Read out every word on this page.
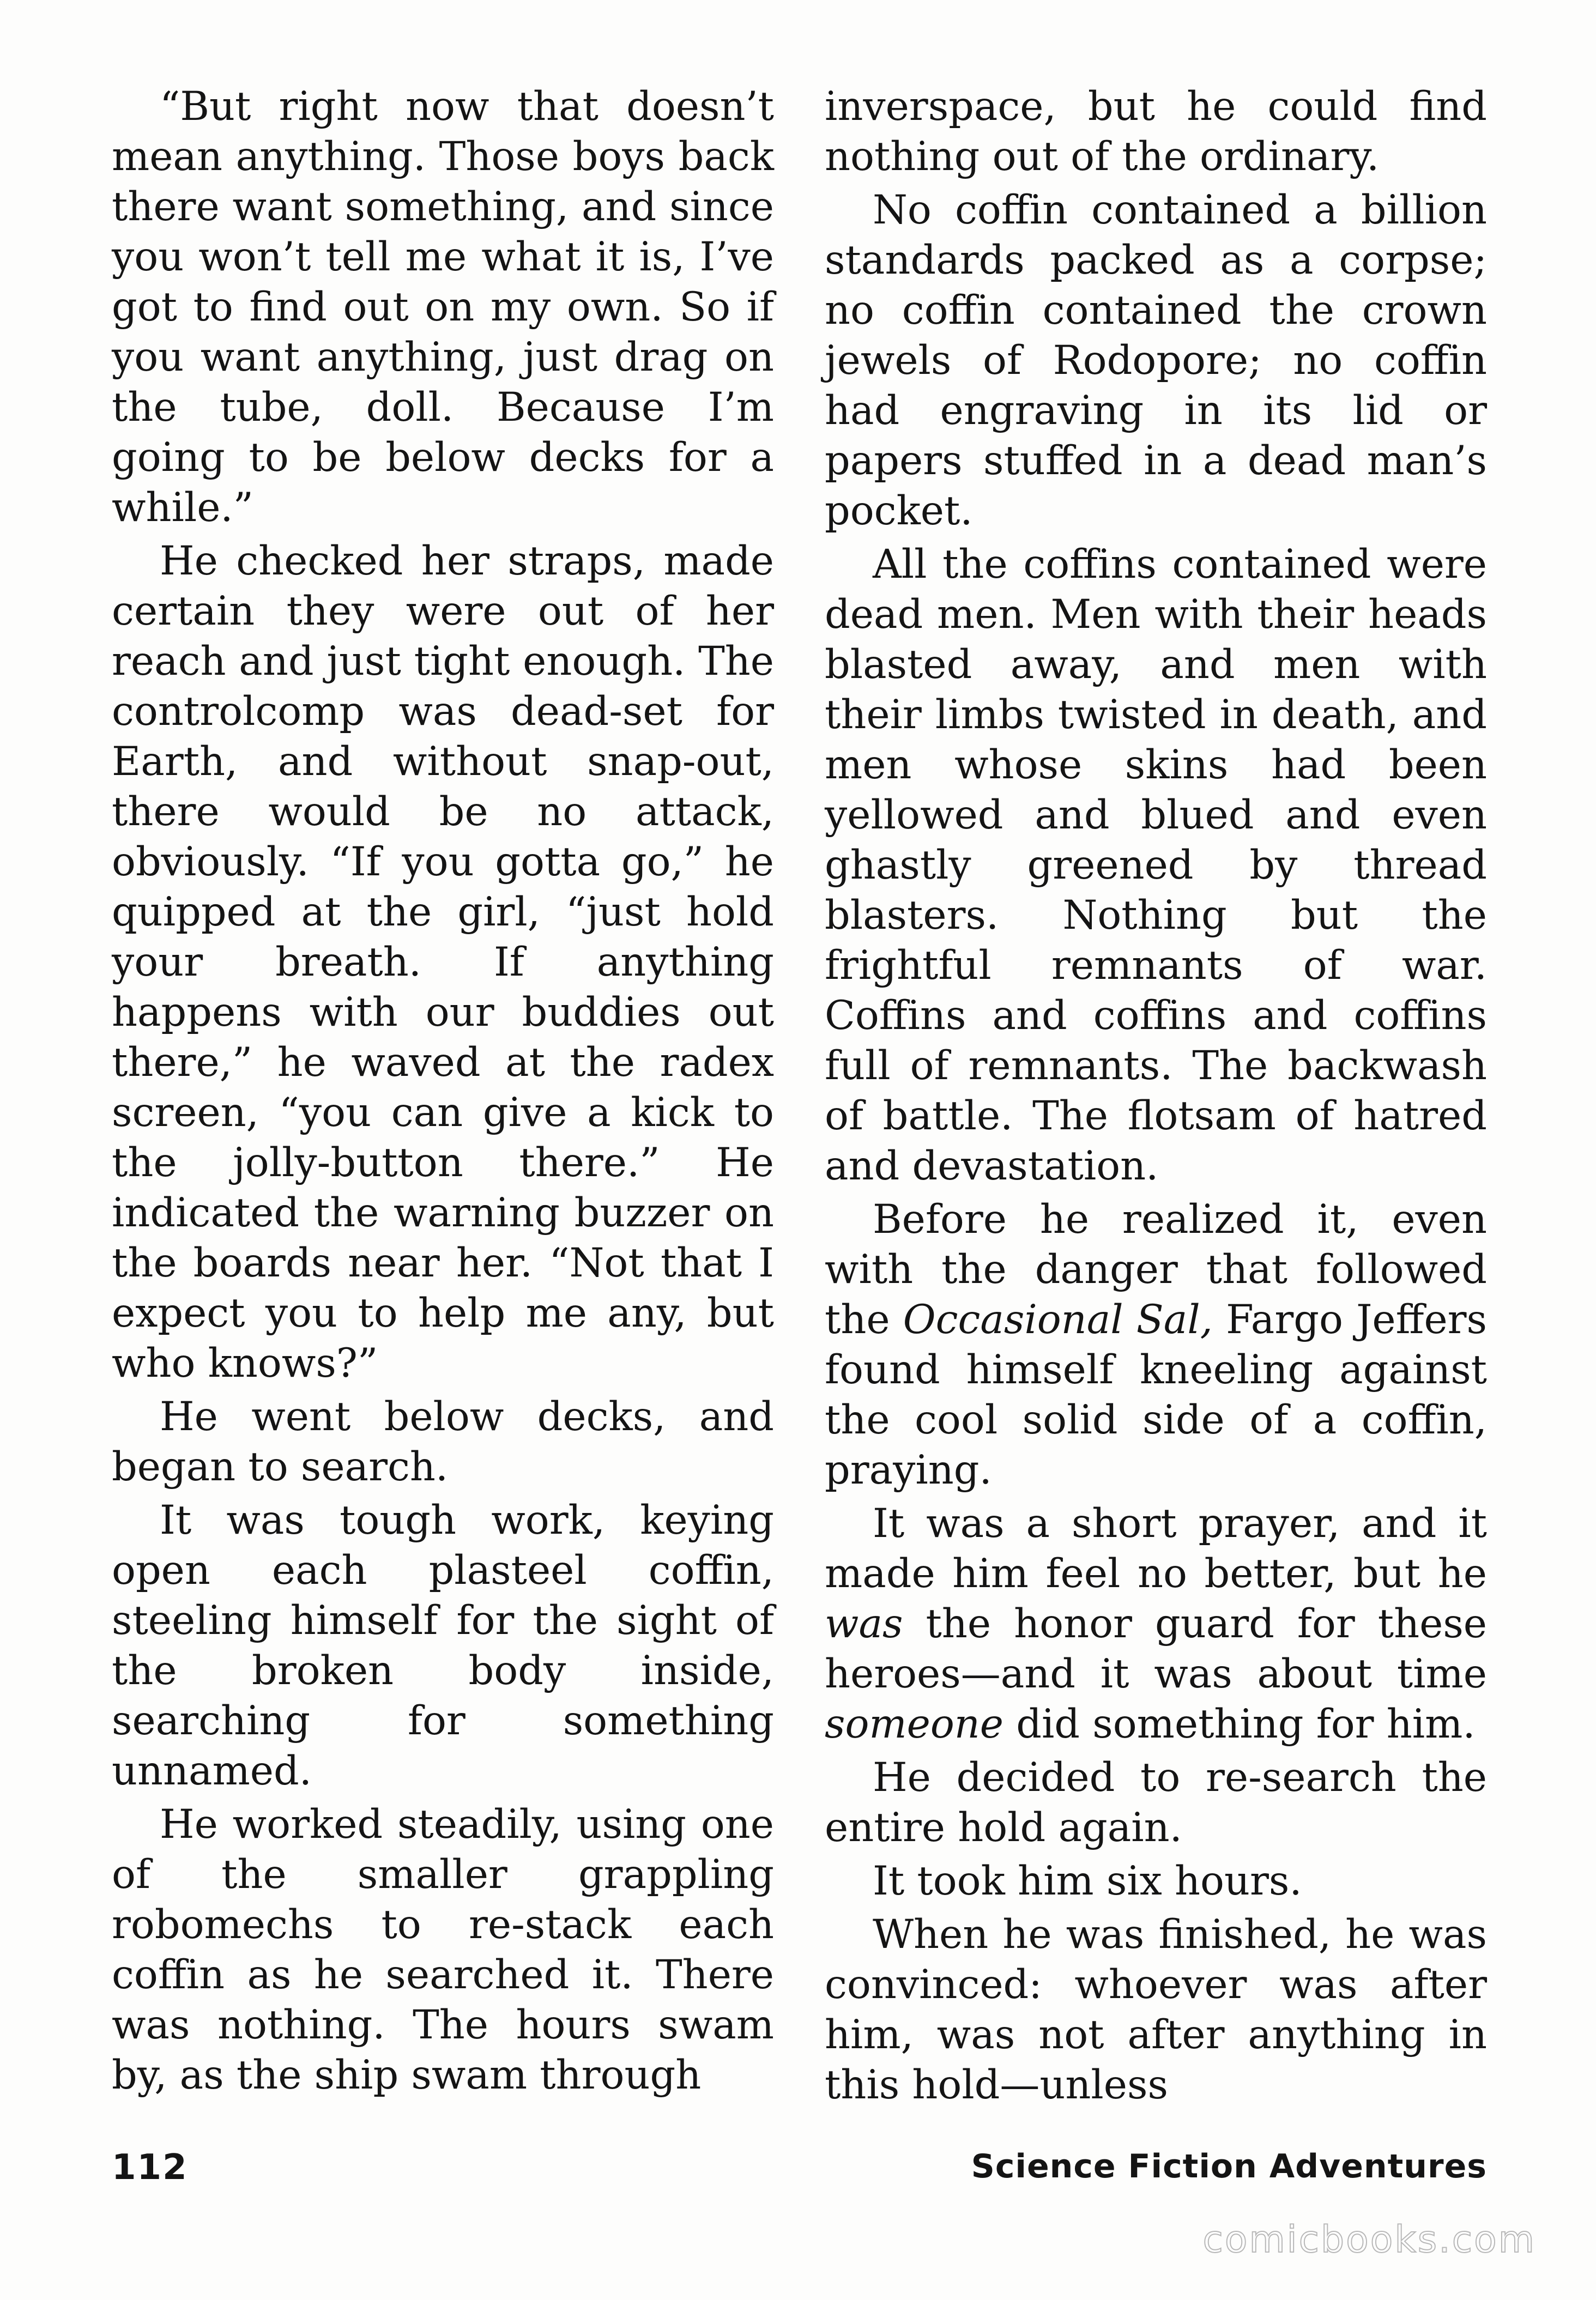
“But right now that doesn’t mean anything. Those boys back there want something, and since you won’t tell me what it is, I’ve got to find out on my own. So if you want anything, just drag on the tube, doll. Because I’m going to be below decks for a while.”

He checked her straps, made certain they were out of her reach and just tight enough. The controlcomp was dead-set for Earth, and without snap-out, there would be no attack, obviously. “If you gotta go,” he quipped at the girl, “just hold your breath. If anything happens with our buddies out there,” he waved at the radex screen, “you can give a kick to the jolly-button there.” He indicated the warning buzzer on the boards near her. “Not that I expect you to help me any, but who knows?”

He went below decks, and began to search.

It was tough work, keying open each plasteel coffin, steeling himself for the sight of the broken body inside, searching for something unnamed.

He worked steadily, using one of the smaller grappling robomechs to re-stack each coffin as he searched it. There was nothing. The hours swam by, as the ship swam through

inverspace, but he could find nothing out of the ordinary.

No coffin contained a billion standards packed as a corpse; no coffin contained the crown jewels of Rodopore; no coffin had engraving in its lid or papers stuffed in a dead man’s pocket.

All the coffins contained were dead men. Men with their heads blasted away, and men with their limbs twisted in death, and men whose skins had been yellowed and blued and even ghastly greened by thread blasters. Nothing but the frightful remnants of war. Coffins and coffins and coffins full of remnants. The backwash of battle. The flotsam of hatred and devastation.

Before he realized it, even with the danger that followed the Occasional Sal, Fargo Jeffers found himself kneeling against the cool solid side of a coffin, praying.

It was a short prayer, and it made him feel no better, but he was the honor guard for these heroes—and it was about time someone did something for him.

He decided to re-search the entire hold again.

It took him six hours.

When he was finished, he was convinced: whoever was after him, was not after anything in this hold—unless

112	Science Fiction Adventures
comicbooks.com
